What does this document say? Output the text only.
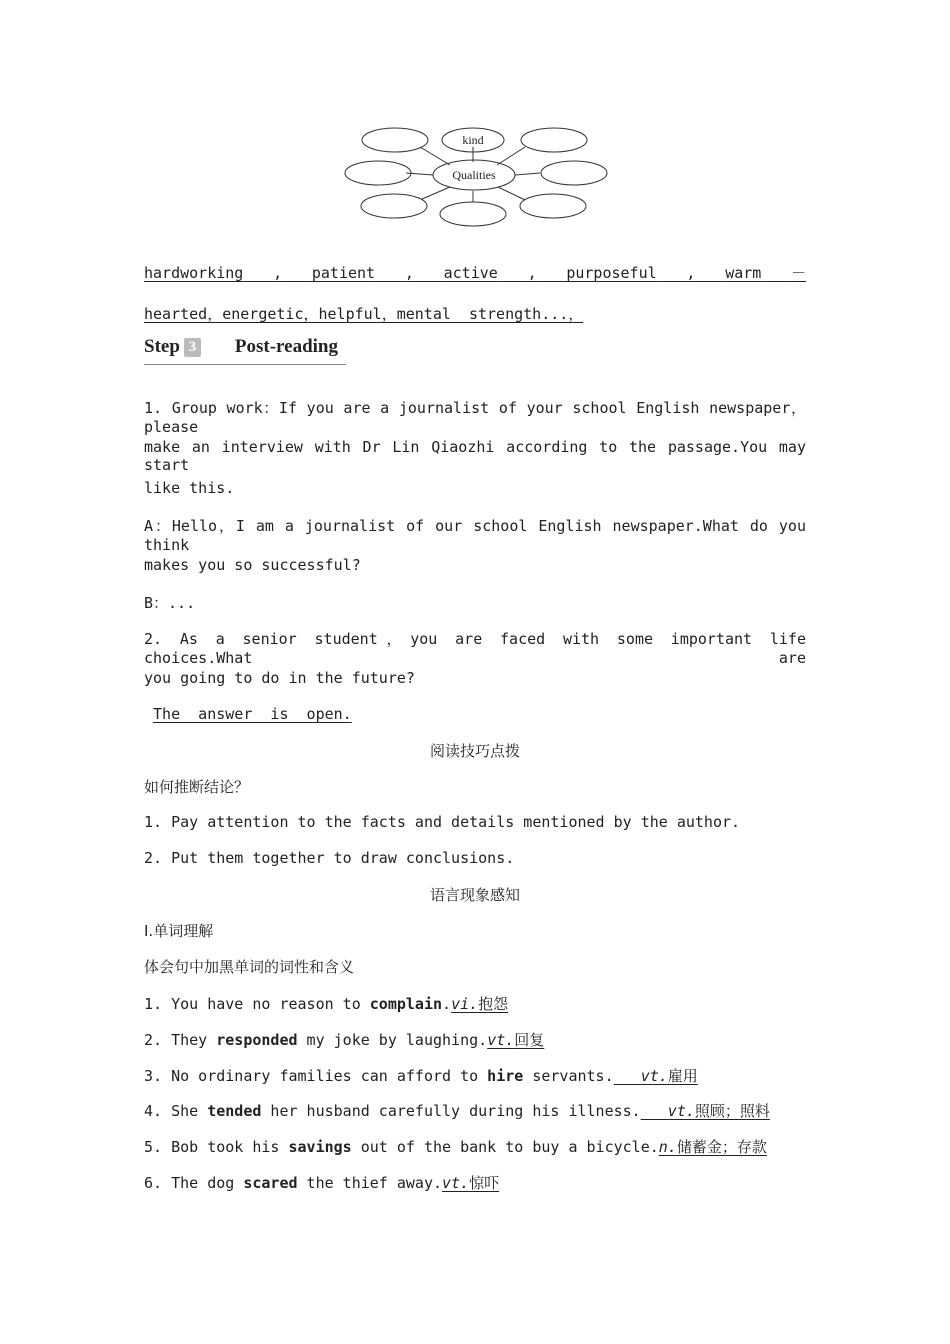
kind
Qualities
hardworking , patient , active , purposeful , warm －
hearted，energetic，helpful，mental  strength...，
Step 3 Post-reading
1. Group work：If you are a journalist of your school English newspaper，please
make an interview with Dr Lin Qiaozhi according to the passage.You may start
like this.
A：Hello，I am a journalist of our school English newspaper.What do you think
makes you so successful?
B：...
2. As a senior student，you are faced with some important life choices.What are
you going to do in the future?
The  answer  is  open.
阅读技巧点拨
如何推断结论？
1. Pay attention to the facts and details mentioned by the author.
2. Put them together to draw conclusions.
语言现象感知
Ⅰ.单词理解
体会句中加黑单词的词性和含义
1. You have no reason to complain.vi.抱怨
2. They responded my joke by laughing.vt.回复
3. No ordinary families can afford to hire servants. vt.雇用
4. She tended her husband carefully during his illness. vt.照顾；照料
5. Bob took his savings out of the bank to buy a bicycle.n.储蓄金；存款
6. The dog scared the thief away.vt.惊吓
